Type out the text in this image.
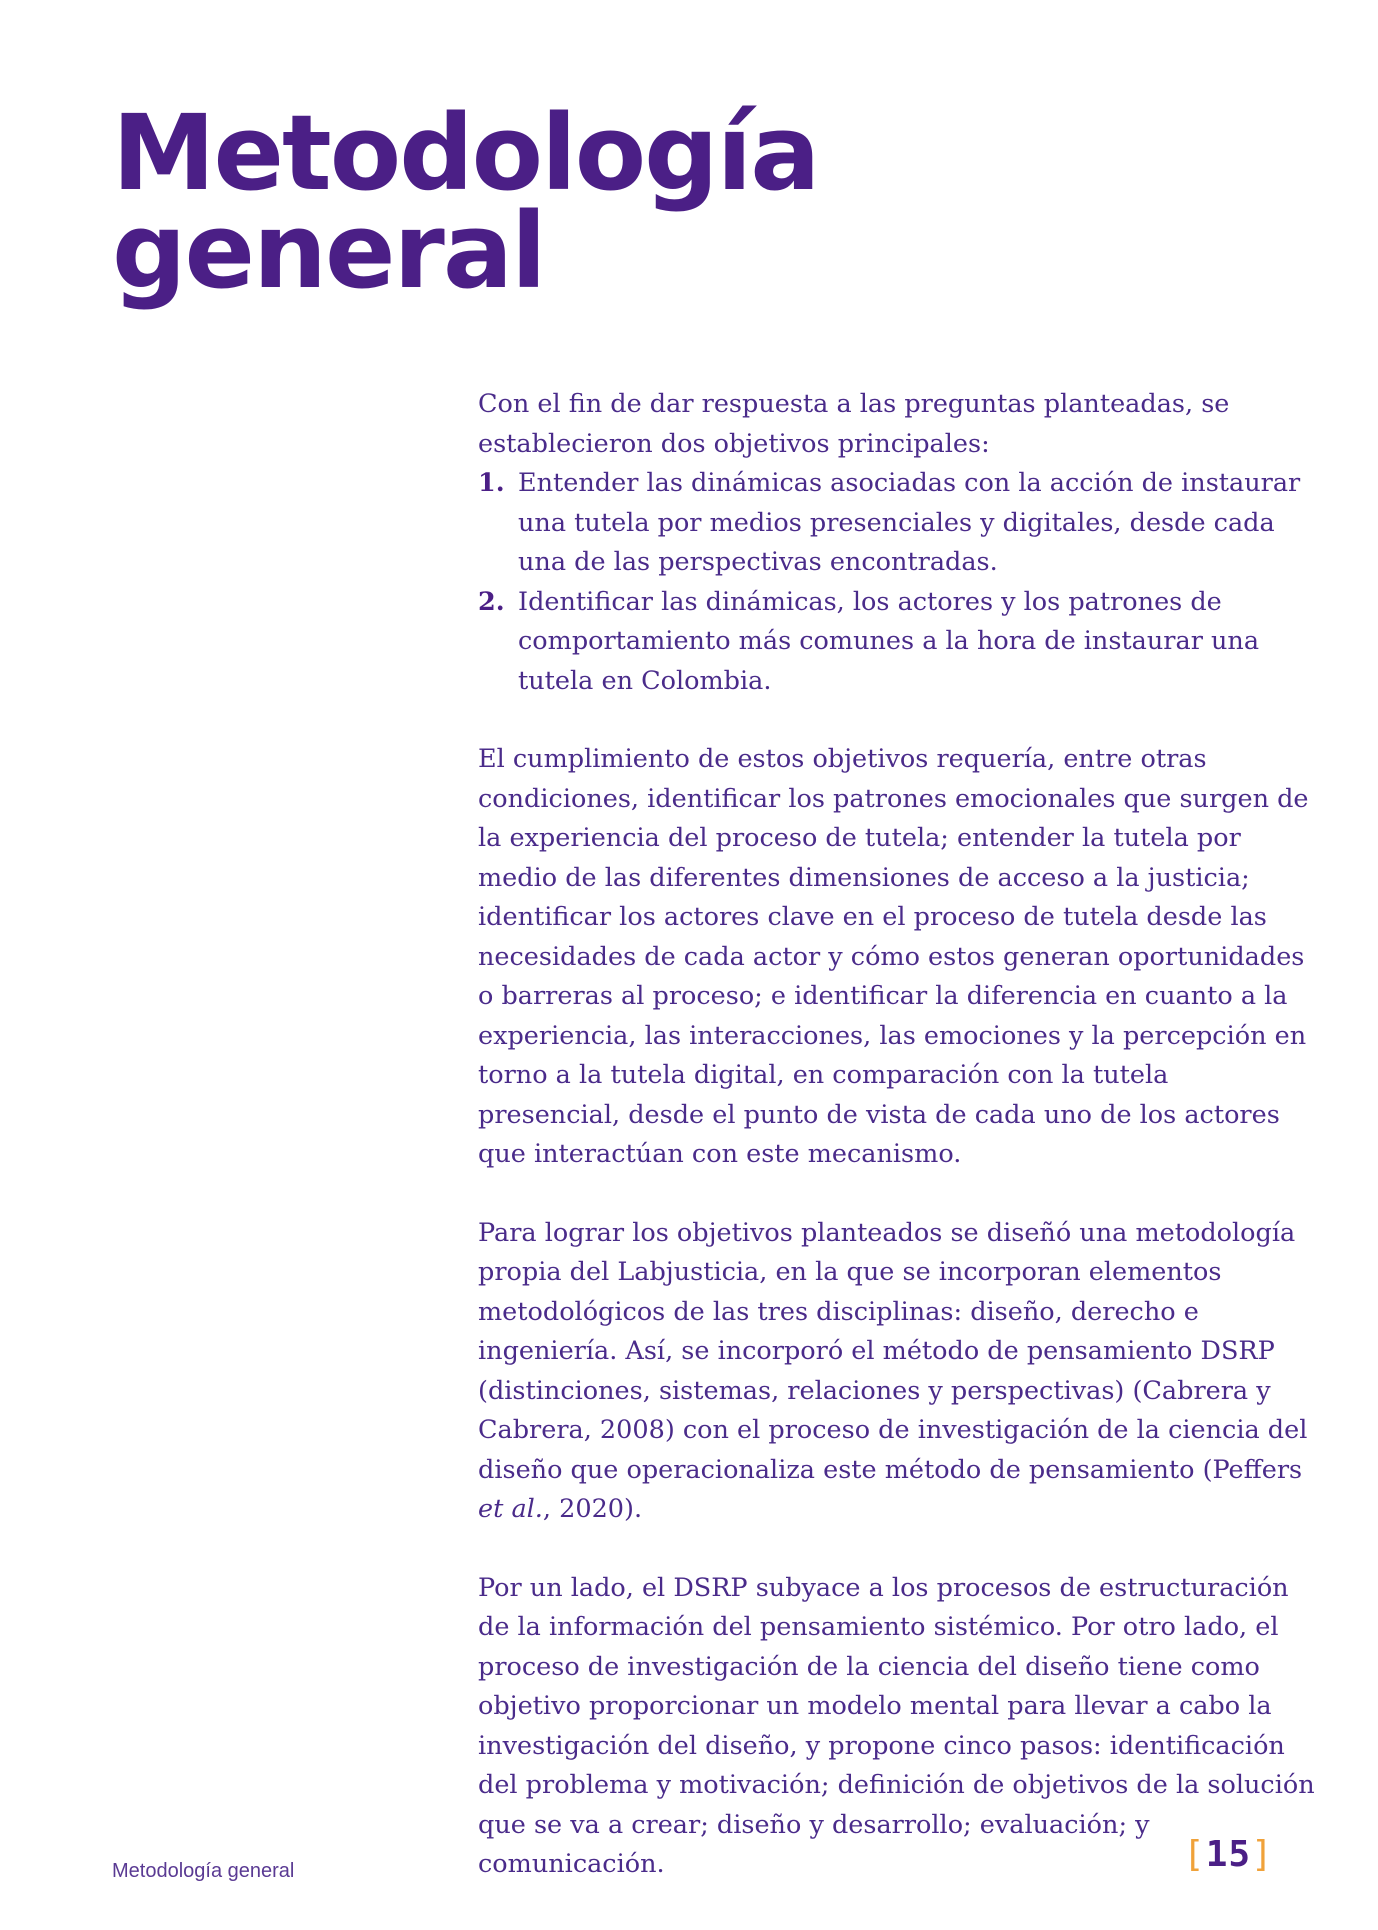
Metodología
general

Con el fin de dar respuesta a las preguntas planteadas, se establecieron dos objetivos principales:

1. Entender las dinámicas asociadas con la acción de instaurar una tutela por medios presenciales y digitales, desde cada una de las perspectivas encontradas.
2. Identificar las dinámicas, los actores y los patrones de comportamiento más comunes a la hora de instaurar una tutela en Colombia.

El cumplimiento de estos objetivos requería, entre otras condiciones, identificar los patrones emocionales que surgen de la experiencia del proceso de tutela; entender la tutela por medio de las diferentes dimensiones de acceso a la justicia; identificar los actores clave en el proceso de tutela desde las necesidades de cada actor y cómo estos generan oportunidades o barreras al proceso; e identificar la diferencia en cuanto a la experiencia, las interacciones, las emociones y la percepción en torno a la tutela digital, en comparación con la tutela presencial, desde el punto de vista de cada uno de los actores que interactúan con este mecanismo.

Para lograr los objetivos planteados se diseñó una metodología propia del Labjusticia, en la que se incorporan elementos metodológicos de las tres disciplinas: diseño, derecho e ingeniería. Así, se incorporó el método de pensamiento DSRP (distinciones, sistemas, relaciones y perspectivas) (Cabrera y Cabrera, 2008) con el proceso de investigación de la ciencia del diseño que operacionaliza este método de pensamiento (Peffers et al., 2020).

Por un lado, el DSRP subyace a los procesos de estructuración de la información del pensamiento sistémico. Por otro lado, el proceso de investigación de la ciencia del diseño tiene como objetivo proporcionar un modelo mental para llevar a cabo la investigación del diseño, y propone cinco pasos: identificación del problema y motivación; definición de objetivos de la solución que se va a crear; diseño y desarrollo; evaluación; y comunicación.

Metodología general	[15]
